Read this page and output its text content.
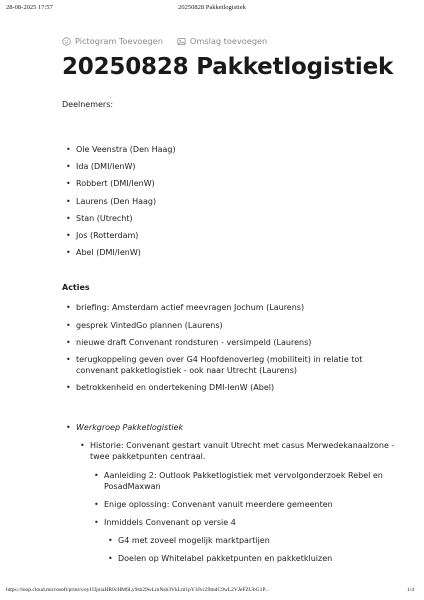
28-08-2025 17:57	20250828 Pakketlogistiek
Pictogram Toevoegen	Omslag toevoegen
20250828 Pakketlogistiek

Deelnemers:

• Ole Veenstra (Den Haag)
• Ida (DMI/IenW)
• Robbert (DMI/IenW)
• Laurens (Den Haag)
• Stan (Utrecht)
• Jos (Rotterdam)
• Abel (DMI/IenW)

Acties

• briefing: Amsterdam actief meevragen Jochum (Laurens)
• gesprek VintedGo plannen (Laurens)
• nieuwe draft Convenant rondsturen - versimpeld (Laurens)
• terugkoppeling geven over G4 Hoofdenoverleg (mobiliteit) in relatie tot convenant pakketlogistiek - ook naar Utrecht (Laurens)
• betrokkenheid en ondertekening DMI-IenW (Abel)
• Werkgroep Pakketlogistiek
• Historie: Convenant gestart vanuit Utrecht met casus Merwedekanaalzone - twee pakketpunten centraal.
• Aanleiding 2: Outlook Pakketlogistiek met vervolgonderzoek Rebel en PosadMaxwan
• Enige oplossing: Convenant vanuit meerdere gemeenten
• Inmiddels Convenant op versie 4
• G4 met zoveel mogelijk marktpartijen
• Doelen op Whitelabel pakketpunten en pakketkluizen
https://loop.cloud.microsoft/print/s/eyJ1IjoiaHR0cHM6Ly9sb29wLmNsb3VkLm1pY3Jvc29mdC9wL2VJeFZUbG1P...	1/4
